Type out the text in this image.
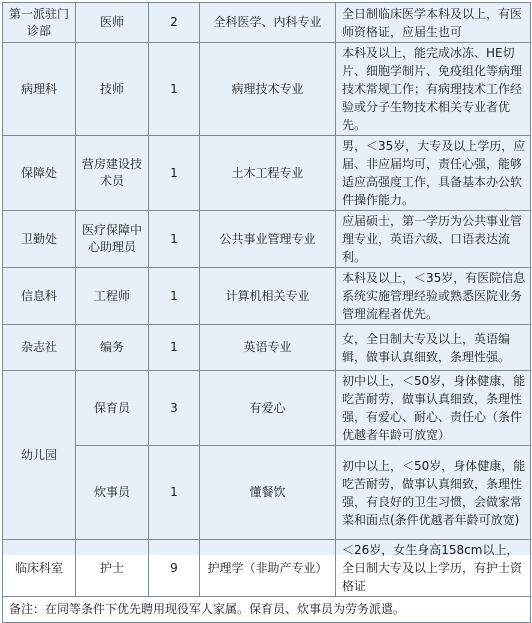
第一派驻门诊部	医师	2	全科医学、内科专业	全日制临床医学本科及以上，有医师资格证，应届生也可
病理科	技师	1	病理技术专业	本科及以上，能完成冰冻、HE切片、细胞学制片、免疫组化等病理技术常规工作；有病理技术工作经验或分子生物技术相关专业者优先。
保障处	营房建设技术员	1	土木工程专业	男，＜35岁，大专及以上学历，应届、非应届均可，责任心强，能够适应高强度工作，具备基本办公软件操作能力。
卫勤处	医疗保障中心助理员	1	公共事业管理专业	应届硕士，第一学历为公共事业管理专业，英语六级、口语表达流利。
信息科	工程师	1	计算机相关专业	本科及以上，＜35岁，有医院信息系统实施管理经验或熟悉医院业务管理流程者优先。
杂志社	编务	1	英语专业	女，全日制大专及以上，英语编辑，做事认真细致，条理性强。
幼儿园	保育员	3	有爱心	初中以上，＜50岁，身体健康，能吃苦耐劳，做事认真细致，条理性强，有爱心、耐心、责任心（条件优越者年龄可放宽）
	炊事员	1	懂餐饮	初中以上，＜50岁，身体健康，能吃苦耐劳，做事认真细致，条理性强，有良好的卫生习惯，会做家常菜和面点(条件优越者年龄可放宽)
临床科室	护士	9	护理学（非助产专业）	＜26岁，女生身高158cm以上，全日制大专及以上学历，有护士资格证
备注：在同等条件下优先聘用现役军人家属。保育员、炊事员为劳务派遣。				
